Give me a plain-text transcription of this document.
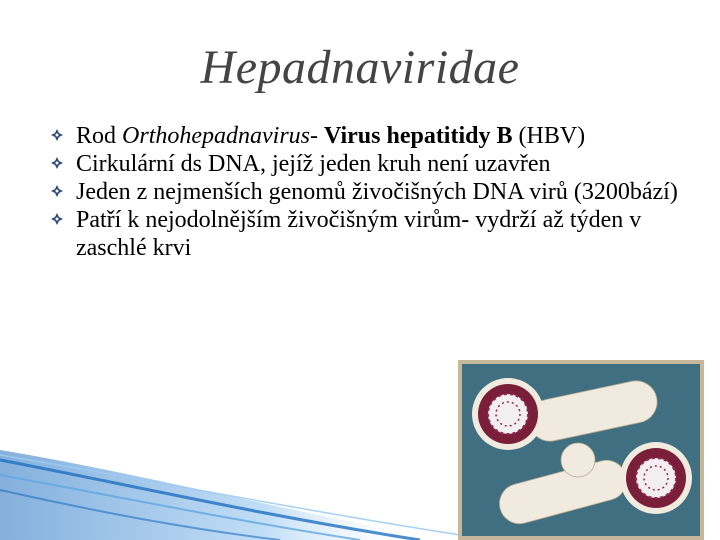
Hepadnaviridae
Rod Orthohepadnavirus- Virus hepatitidy B (HBV)
Cirkulární ds DNA, jejíž jeden kruh není uzavřen
Jeden z nejmenších genomů živočišných DNA virů (3200bází)
Patří k nejodolnějším živočišným virům- vydrží až týden v zaschlé krvi
